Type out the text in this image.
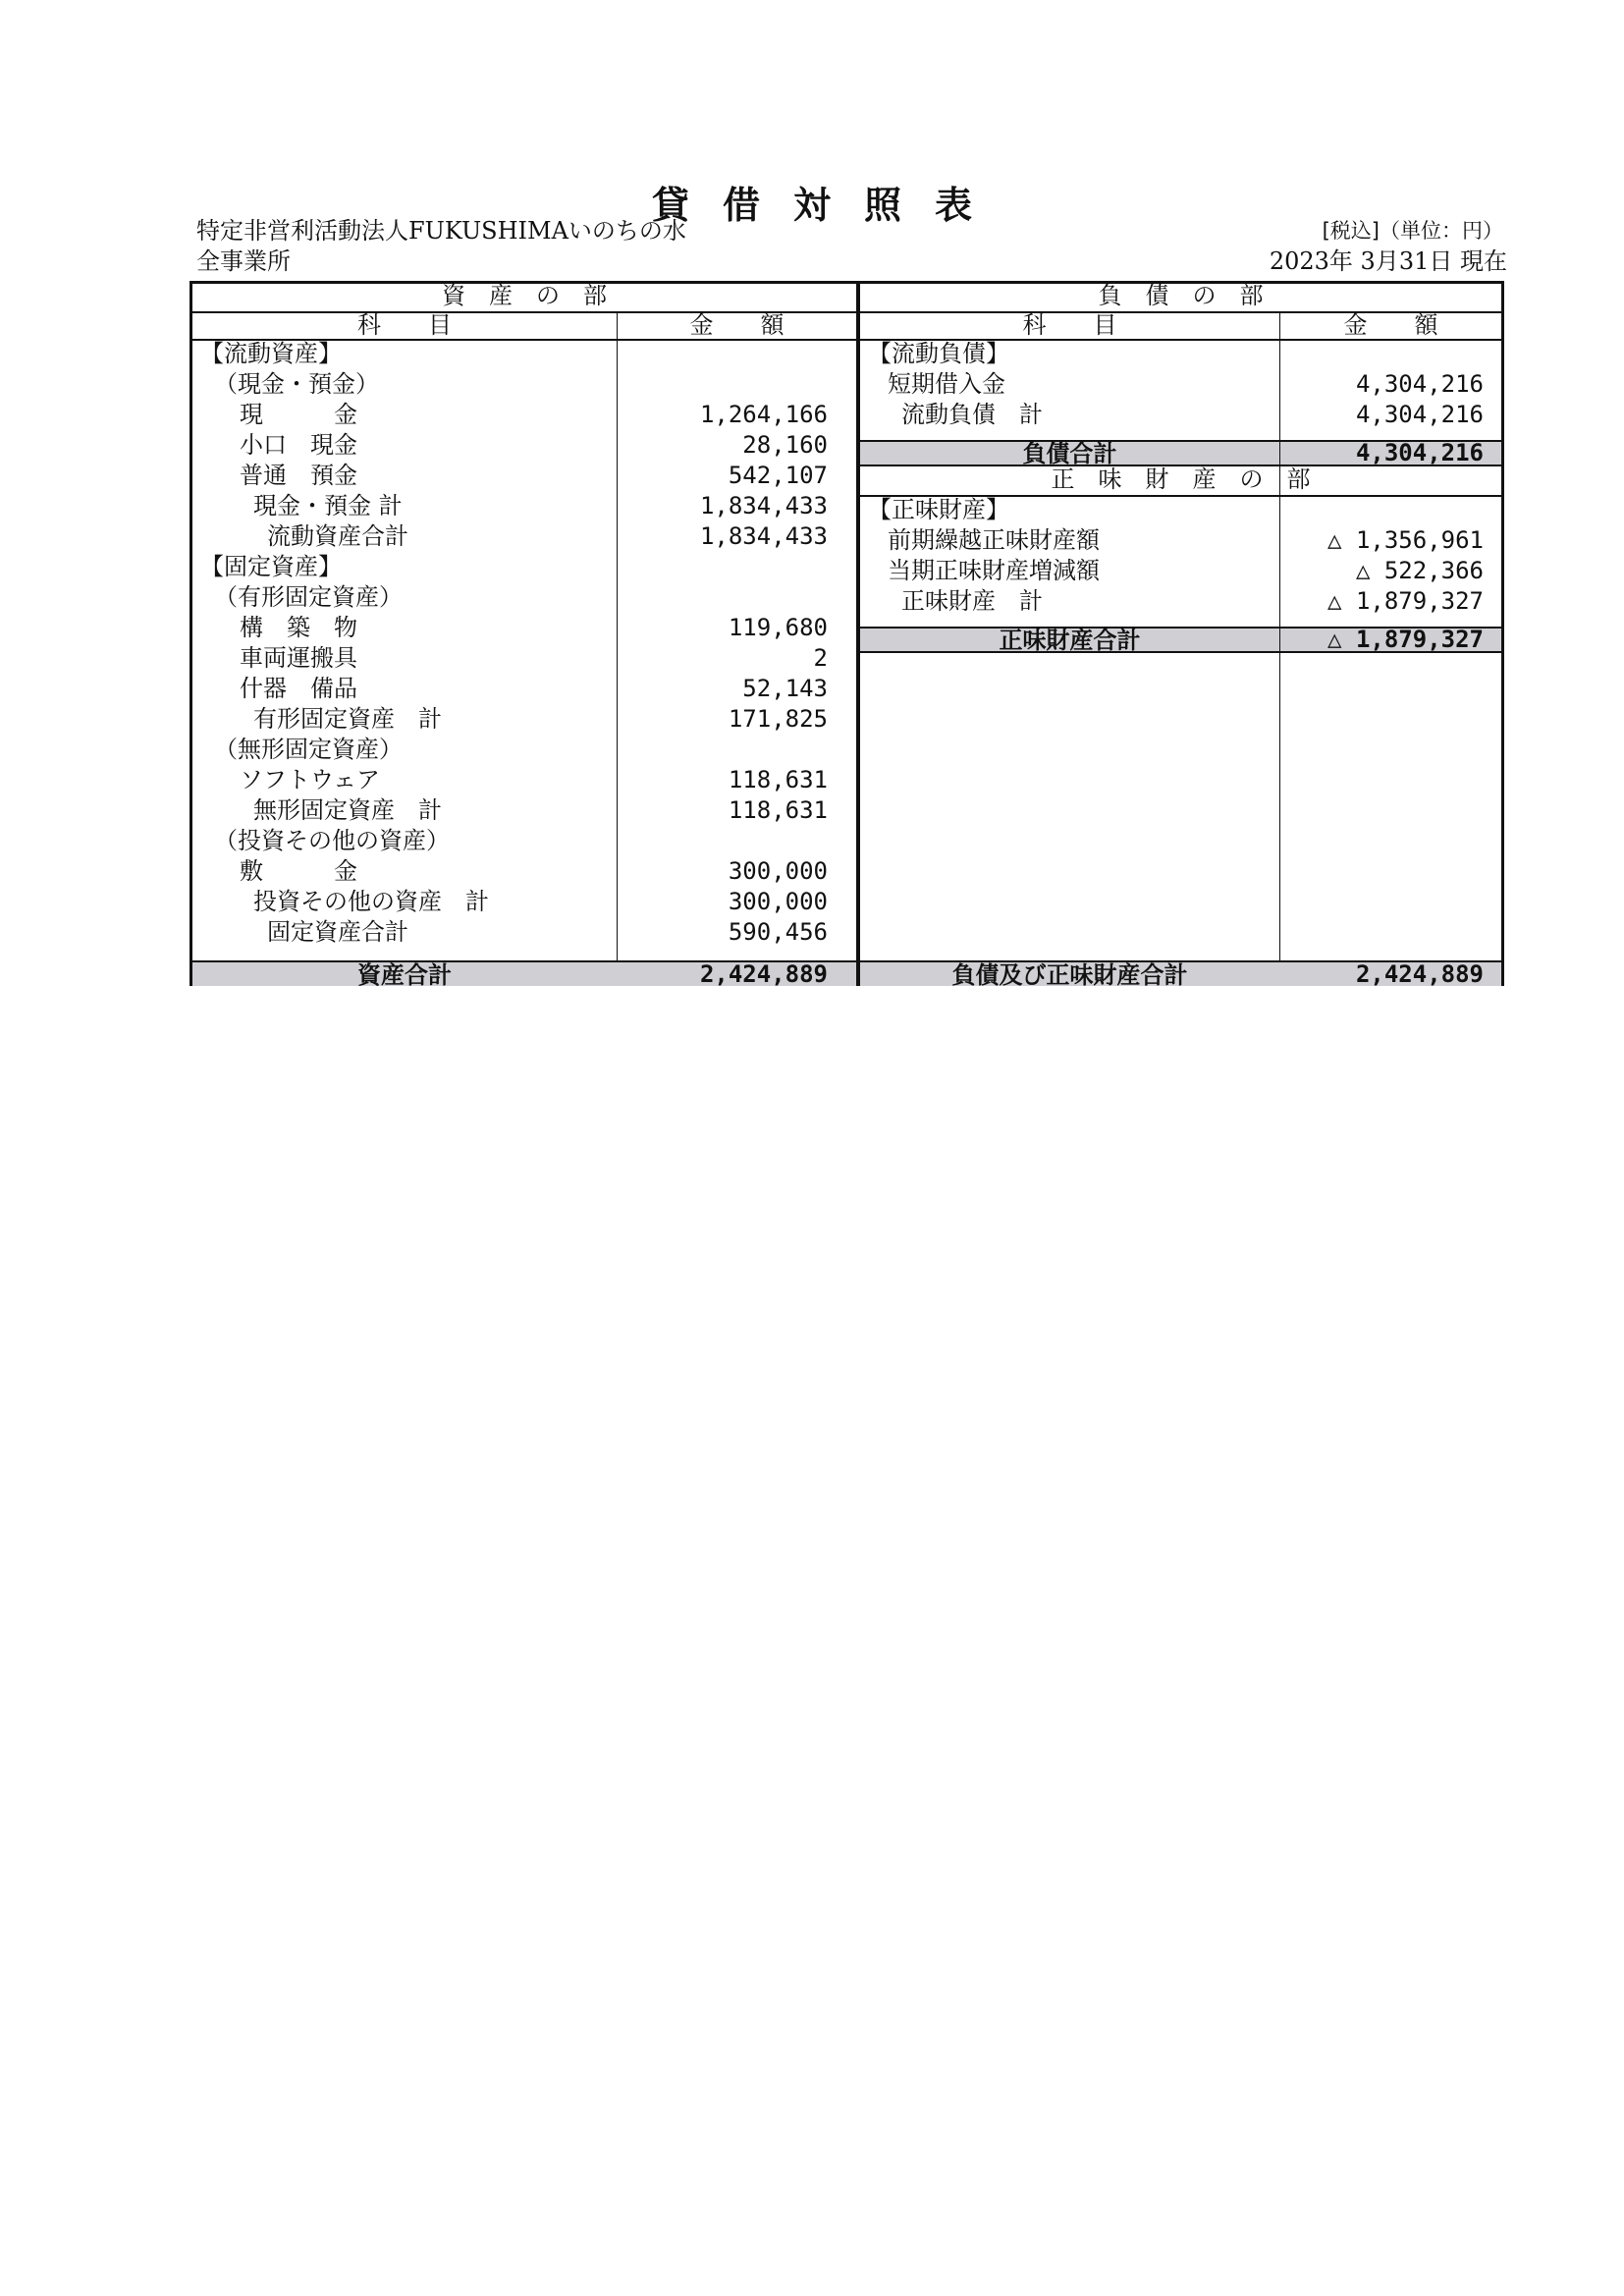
貸借対照表
特定非営利活動法人FUKUSHIMAいのちの水
全事業所
[税込]（単位：円）
2023年 3月31日 現在
資　産　の　部
科　　目	金　　額
負　債　の　部
科　　目	金　　額
【流動資産】
（現金・預金）
現　　　金	1,264,166
小口　現金	28,160
普通　預金	542,107
現金・預金 計	1,834,433
流動資産合計	1,834,433
【固定資産】
（有形固定資産）
構　築　物	119,680
車両運搬具	2
什器　備品	52,143
有形固定資産　計	171,825
（無形固定資産）
ソフトウェア	118,631
無形固定資産　計	118,631
（投資その他の資産）
敷　　　金	300,000
投資その他の資産　計	300,000
固定資産合計	590,456
資産合計	2,424,889
【流動負債】
短期借入金	4,304,216
流動負債　計	4,304,216
負債合計	4,304,216
正　味　財　産　の　部
【正味財産】
前期繰越正味財産額	△ 1,356,961
当期正味財産増減額	△ 522,366
正味財産　計	△ 1,879,327
正味財産合計	△ 1,879,327
負債及び正味財産合計	2,424,889
